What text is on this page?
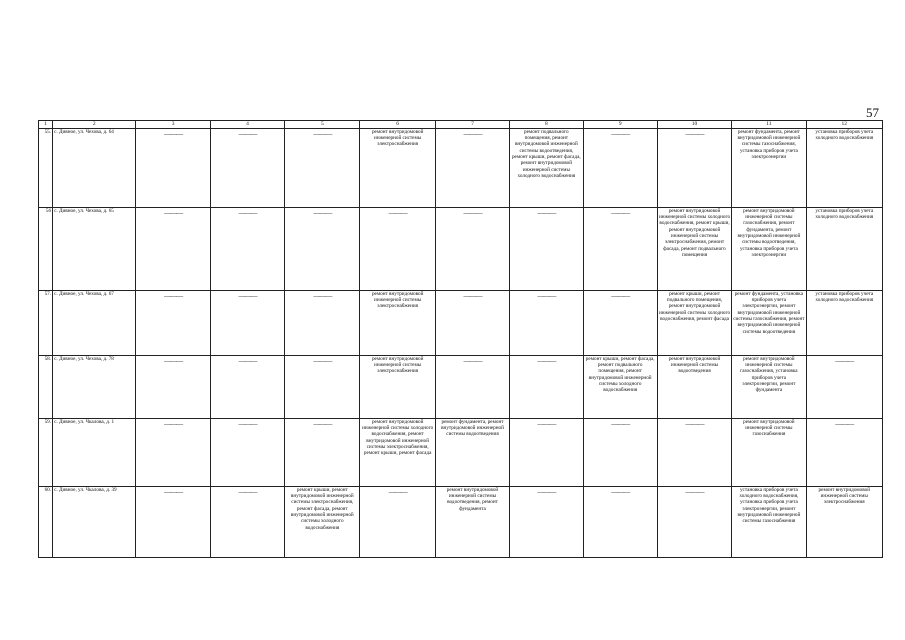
57
1	2	3	4	5	6	7	8	9	10	11	12
55.	с. Дивное, ул. Чехова, д. 64	———	———	———	ремонт внутридомовой инженерной системы электроснабжения	———	ремонт подвального помещения, ремонт внутридомовой инженерной системы водоотведения, ремонт крыши, ремонт фасада, ремонт внутридомовой инженерной системы холодного водоснабжения	———	———	ремонт фундамента, ремонт внутридомовой инженерной системы газоснабжения, установка приборов учета электроэнергии	установка приборов учета холодного водоснабжения
56	с. Дивное, ул. Чехова, д. 65	———	———	———	———	———	———	———	ремонт внутридомовой инженерной системы холодного водоснабжения, ремонт крыши, ремонт внутридомовой инженерной системы электроснабжения, ремонт фасада, ремонт подвального помещения	ремонт внутридомовой инженерной системы газоснабжения, ремонт фундамента, ремонт внутридомовой инженерной системы водоотведения, установка приборов учета электроэнергии	установка приборов учета холодного водоснабжения
57.	с. Дивное, ул. Чехова, д. 67	———	———	———	ремонт внутридомовой инженерной системы электроснабжения	———	———	———	ремонт крыши, ремонт подвального помещения, ремонт внутридомовой инженерной системы холодного водоснабжения, ремонт фасада	ремонт фундамента, установка приборов учета электроэнергии, ремонт внутридомовой инженерной системы газоснабжения, ремонт внутридомовой инженерной системы водоотведения	установка приборов учета холодного водоснабжения
58.	с. Дивное, ул. Чехова, д. 78	———	———	———	ремонт внутридомовой инженерной системы электроснабжения	———	———	ремонт крыши, ремонт фасада, ремонт подвального помещения, ремонт внутридомовой инженерной системы холодного водоснабжения	ремонт внутридомовой инженерной системы водоотведения	ремонт внутридомовой инженерной системы газоснабжения, установка приборов учета электроэнергии, ремонт фундамента	———
59.	с. Дивное, ул. Чкалова, д. 1	———	———	———	ремонт внутридомовой инженерной системы холодного водоснабжения, ремонт внутридомовой инженерной системы электроснабжения, ремонт крыши, ремонт фасада	ремонт фундамента, ремонт внутридомовой инженерной системы водоотведения	———	———	———	ремонт внутридомовой инженерной системы газоснабжения	———
60.	с. Дивное, ул. Чкалова, д. 39	———	———	ремонт крыши, ремонт внутридомовой инженерной системы электроснабжения, ремонт фасада, ремонт внутридомовой инженерной системы холодного водоснабжения	———	ремонт внутридомовой инженерной системы водоотведения, ремонт фундамента	———	———	———	установка приборов учета холодного водоснабжения, установка приборов учета электроэнергии, ремонт внутридомовой инженерной системы газоснабжения	ремонт внутридомовой инженерной системы электроснабжения
